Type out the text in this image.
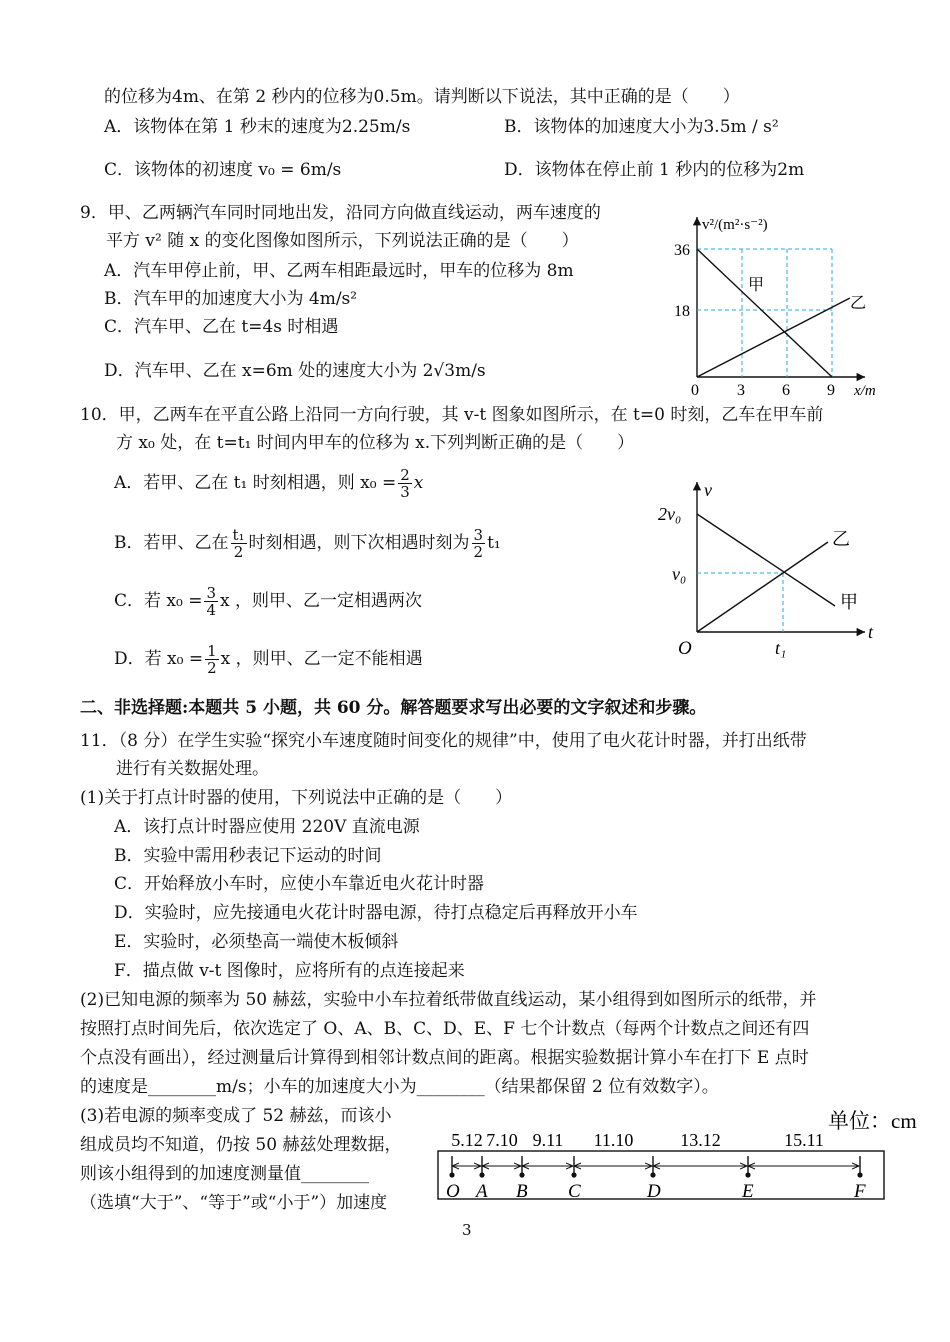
的位移为4m、在第 2 秒内的位移为0.5m。请判断以下说法，其中正确的是（　　）
A．该物体在第 1 秒末的速度为2.25m/s	B．该物体的加速度大小为3.5m / s²
C．该物体的初速度 v₀ = 6m/s	D．该物体在停止前 1 秒内的位移为2m
9．甲、乙两辆汽车同时同地出发，沿同方向做直线运动，两车速度的
平方 v² 随 x 的变化图像如图所示，下列说法正确的是（　　）
A．汽车甲停止前，甲、乙两车相距最远时，甲车的位移为 8m
B．汽车甲的加速度大小为 4m/s²
C．汽车甲、乙在 t=4s 时相遇
D．汽车甲、乙在 x=6m 处的速度大小为 2√3m/s
v²/(m²·s⁻²)
36
18
0 3 6 9 x/m
甲
乙
10．甲，乙两车在平直公路上沿同一方向行驶，其 v-t 图象如图所示，在 t=0 时刻，乙车在甲车前
方 x₀ 处，在 t=t₁ 时间内甲车的位移为 x.下列判断正确的是（　　）
A．若甲、乙在 t₁ 时刻相遇，则 $x_0 = \frac{2}{3}$ x
B．若甲、乙在 $\frac{\text{t₁}}{2}$ 时刻相遇，则下次相遇时刻为 $\frac{3}{2} t_1$
C．若 $x_0 = \frac{3}{4}$ x ，则甲、乙一定相遇两次
D．若 $x_0 = \frac{1}{2}$ x ，则甲、乙一定不能相遇
v
2v₀
v₀
O	t₁
t
乙
甲
二、非选择题:本题共 5 小题，共 60 分。解答题要求写出必要的文字叙述和步骤。
11．（8 分）在学生实验“探究小车速度随时间变化的规律”中，使用了电火花计时器，并打出纸带
进行有关数据处理。
(1)关于打点计时器的使用，下列说法中正确的是（　　）
A．该打点计时器应使用 220V 直流电源
B．实验中需用秒表记下运动的时间
C．开始释放小车时，应使小车靠近电火花计时器
D．实验时，应先接通电火花计时器电源，待打点稳定后再释放开小车
E．实验时，必须垫高一端使木板倾斜
F．描点做 v-t 图像时，应将所有的点连接起来
(2)已知电源的频率为 50 赫兹，实验中小车拉着纸带做直线运动，某小组得到如图所示的纸带，并
按照打点时间先后，依次选定了 O、A、B、C、D、E、F 七个计数点（每两个计数点之间还有四
个点没有画出），经过测量后计算得到相邻计数点间的距离。根据实验数据计算小车在打下 E 点时
的速度是________m/s；小车的加速度大小为________（结果都保留 2 位有效数字）。
(3)若电源的频率变成了 52 赫兹，而该小
组成员均不知道，仍按 50 赫兹处理数据，
则该小组得到的加速度测量值________
（选填“大于”、“等于”或“小于”）加速度
单位：cm
O A B C	D	E	F
5.12 7.10 9.11 11.10	13.12	15.11
3
